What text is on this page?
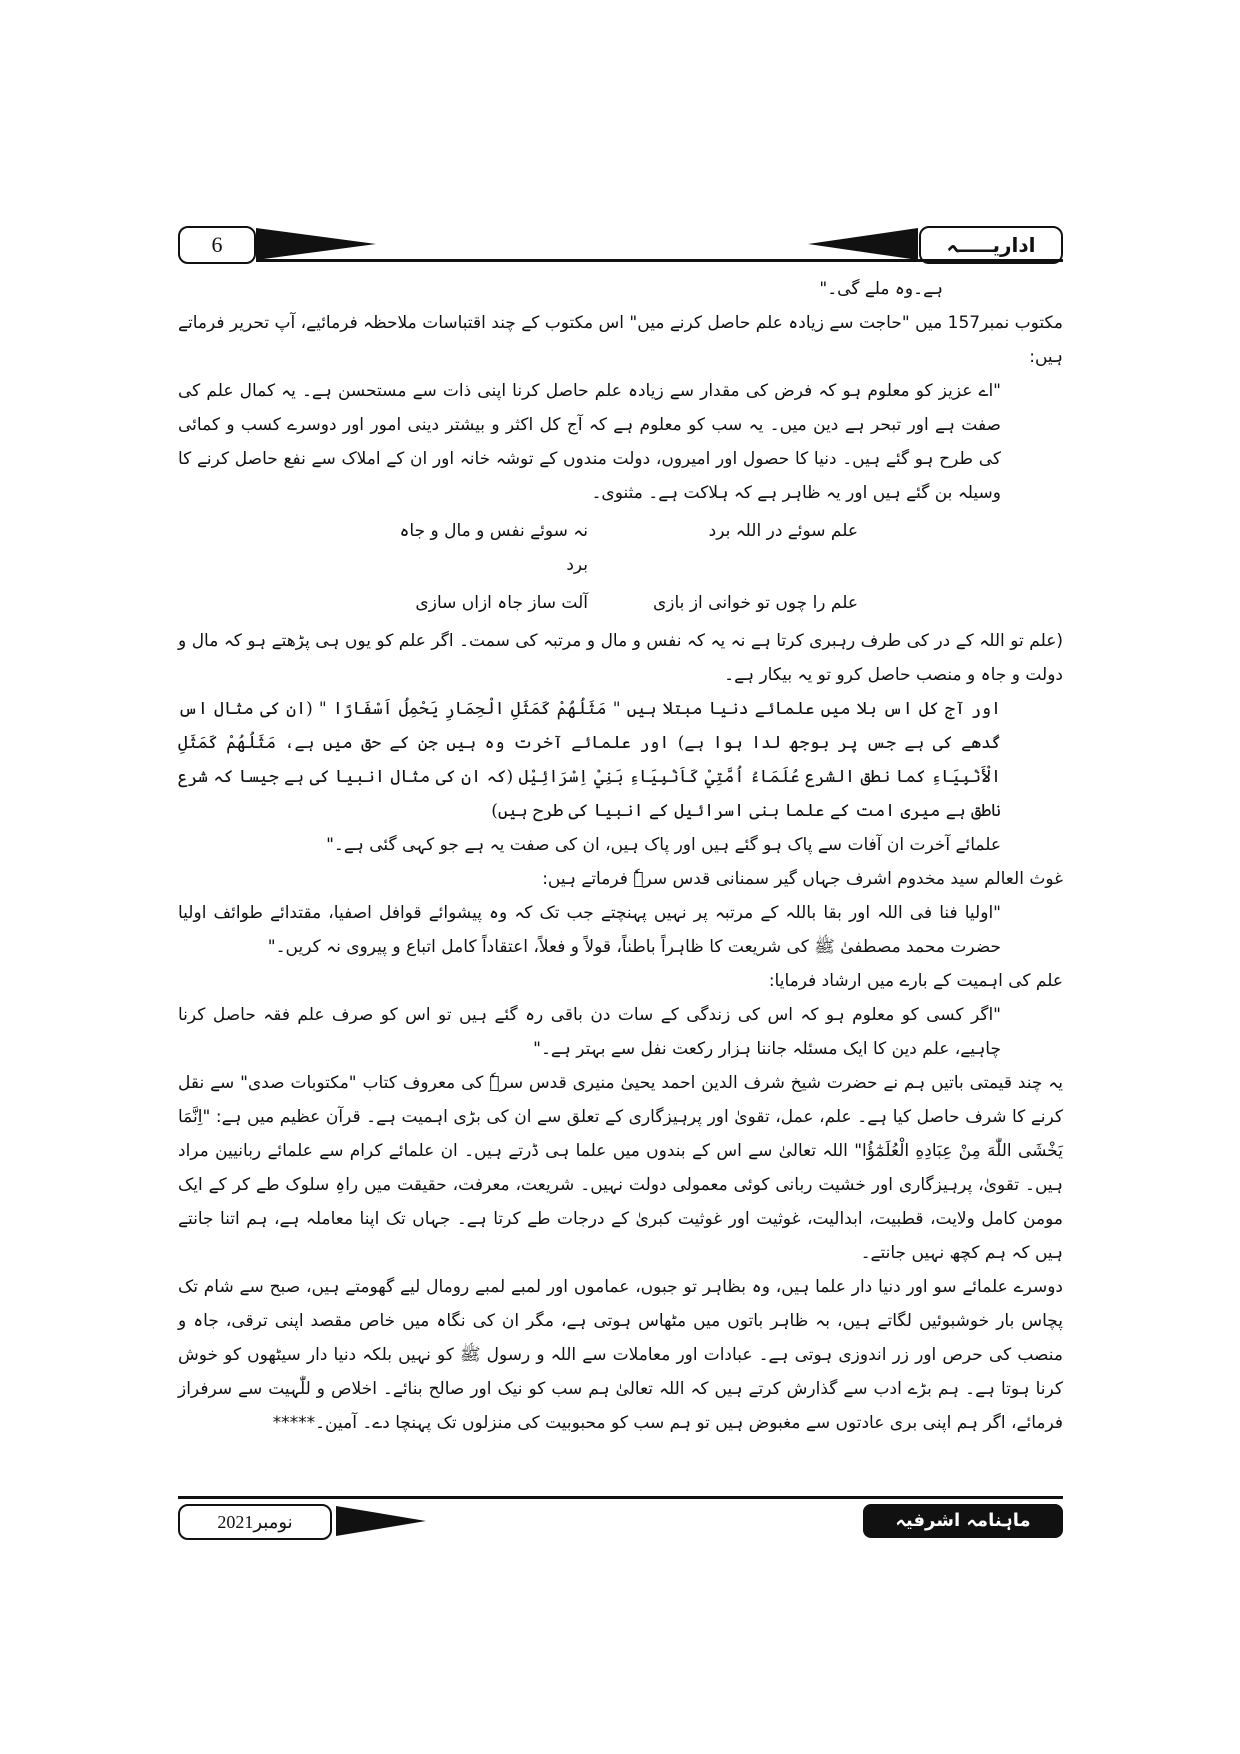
6	اداریـــــہ

ہے۔وہ ملے گی۔"

مکتوب نمبر157 میں "حاجت سے زیادہ علم حاصل کرنے میں" اس مکتوب کے چند اقتباسات ملاحظہ فرمائیے، آپ تحریر فرماتے ہیں:

"اے عزیز کو معلوم ہو کہ فرض کی مقدار سے زیادہ علم حاصل کرنا اپنی ذات سے مستحسن ہے۔ یہ کمال علم کی صفت ہے اور تبحر ہے دین میں۔ یہ سب کو معلوم ہے کہ آج کل اکثر و بیشتر دینی امور اور دوسرے کسب و کمائی کی طرح ہو گئے ہیں۔ دنیا کا حصول اور امیروں، دولت مندوں کے توشہ خانہ اور ان کے املاک سے نفع حاصل کرنے کا وسیلہ بن گئے ہیں اور یہ ظاہر ہے کہ ہلاکت ہے۔ مثنوی۔

علم سوئے در اللہ برد
نہ سوئے نفس و مال و جاہ برد
علم را چوں تو خوانی از بازی
آلت ساز جاہ ازاں سازی

(علم تو اللہ کے در کی طرف رہبری کرتا ہے نہ یہ کہ نفس و مال و مرتبہ کی سمت۔ اگر علم کو یوں ہی پڑھتے ہو کہ مال و دولت و جاہ و منصب حاصل کرو تو یہ بیکار ہے۔

اور آج کل اس بلا میں علمائے دنیا مبتلا ہیں " مَثَلُهُمْ كَمَثَلِ الْحِمَارِ يَحْمِلُ اَسْفَارًا " (ان کی مثال اس گدھے کی ہے جس پر بوجھ لدا ہوا ہے) اور علمائے آخرت وہ ہیں جن کے حق میں ہے، مَثَلُهُمْ كَمَثَلِ الْأَنْبِيَاءِ كما نطق الشرع عُلَمَاءُ اُمَّتِيْ كَاَنْبِيَاءِ بَنِيْ اِسْرَائِيْل (کہ ان کی مثال انبیا کی ہے جیسا کہ شرع ناطق ہے میری امت کے علما بنی اسرائیل کے انبیا کی طرح ہیں)

علمائے آخرت ان آفات سے پاک ہو گئے ہیں اور پاک ہیں، ان کی صفت یہ ہے جو کہی گئی ہے۔"

غوث العالم سید مخدوم اشرف جہاں گیر سمنانی قدس سرہٗ فرماتے ہیں:

"اولیا فنا فی اللہ اور بقا باللہ کے مرتبہ پر نہیں پہنچتے جب تک کہ وہ پیشوائے قوافل اصفیا، مقتدائے طوائف اولیا حضرت محمد مصطفیٰ ﷺ کی شریعت کا ظاہراً باطناً، قولاً و فعلاً، اعتقاداً کامل اتباع و پیروی نہ کریں۔"

علم کی اہمیت کے بارے میں ارشاد فرمایا:

"اگر کسی کو معلوم ہو کہ اس کی زندگی کے سات دن باقی رہ گئے ہیں تو اس کو صرف علم فقہ حاصل کرنا چاہیے، علم دین کا ایک مسئلہ جاننا ہزار رکعت نفل سے بہتر ہے۔"

یہ چند قیمتی باتیں ہم نے حضرت شیخ شرف الدین احمد یحییٰ منیری قدس سرہٗ کی معروف کتاب "مکتوبات صدی" سے نقل کرنے کا شرف حاصل کیا ہے۔ علم، عمل، تقویٰ اور پرہیزگاری کے تعلق سے ان کی بڑی اہمیت ہے۔ قرآن عظیم میں ہے: "اِنَّمَا يَخْشَى اللّٰهَ مِنْ عِبَادِهِ الْعُلَمٰٓؤُا" اللہ تعالیٰ سے اس کے بندوں میں علما ہی ڈرتے ہیں۔ ان علمائے کرام سے علمائے ربانیین مراد ہیں۔ تقویٰ، پرہیزگاری اور خشیت ربانی کوئی معمولی دولت نہیں۔ شریعت، معرفت، حقیقت میں راہِ سلوک طے کر کے ایک مومن کامل ولایت، قطبیت، ابدالیت، غوثیت اور غوثیت کبریٰ کے درجات طے کرتا ہے۔ جہاں تک اپنا معاملہ ہے، ہم اتنا جانتے ہیں کہ ہم کچھ نہیں جانتے۔

دوسرے علمائے سو اور دنیا دار علما ہیں، وہ بظاہر تو جبوں، عماموں اور لمبے لمبے رومال لیے گھومتے ہیں، صبح سے شام تک پچاس بار خوشبوئیں لگاتے ہیں، بہ ظاہر باتوں میں مٹھاس ہوتی ہے، مگر ان کی نگاہ میں خاص مقصد اپنی ترقی، جاہ و منصب کی حرص اور زر اندوزی ہوتی ہے۔ عبادات اور معاملات سے اللہ و رسول ﷺ کو نہیں بلکہ دنیا دار سیٹھوں کو خوش کرنا ہوتا ہے۔ ہم بڑے ادب سے گذارش کرتے ہیں کہ اللہ تعالیٰ ہم سب کو نیک اور صالح بنائے۔ اخلاص و للّٰہیت سے سرفراز فرمائے، اگر ہم اپنی بری عادتوں سے مغبوض ہیں تو ہم سب کو محبوبیت کی منزلوں تک پہنچا دے۔ آمین۔*****

نومبر2021	ماہنامہ اشرفیہ
